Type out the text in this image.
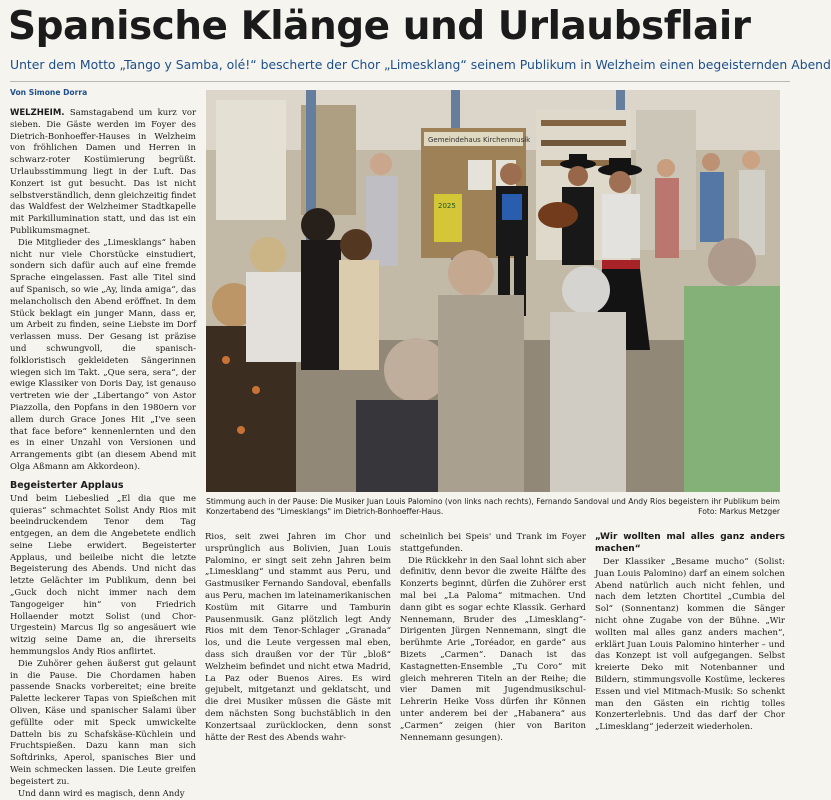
Spanische Klänge und Urlaubsflair
Unter dem Motto „Tango y Samba, olé!“ bescherte der Chor „Limesklang“ seinem Publikum in Welzheim einen begeisternden Abend
Von Simone Dorra

WELZHEIM. Samstagabend um kurz vor sieben. Die Gäste werden im Foyer des Dietrich-Bonhoeffer-Hauses in Welzheim von fröhlichen Damen und Herren in schwarz-roter Kostümierung begrüßt. Urlaubsstimmung liegt in der Luft. Das Konzert ist gut besucht. Das ist nicht selbstverständlich, denn gleichzeitig findet das Waldfest der Welzheimer Stadtkapelle mit Parkillumination statt, und das ist ein Publikumsmagnet.

Die Mitglieder des „Limesklangs“ haben nicht nur viele Chorstücke einstudiert, sondern sich dafür auch auf eine fremde Sprache eingelassen. Fast alle Titel sind auf Spanisch, so wie „Ay, linda amiga“, das melancholisch den Abend eröffnet. In dem Stück beklagt ein junger Mann, dass er, um Arbeit zu finden, seine Liebste im Dorf verlassen muss. Der Gesang ist präzise und schwungvoll, die spanisch-folkloristisch gekleideten Sängerinnen wiegen sich im Takt. „Que sera, sera“, der ewige Klassiker von Doris Day, ist genauso vertreten wie der „Libertango“ von Astor Piazzolla, den Popfans in den 1980ern vor allem durch Grace Jones Hit „I've seen that face before“ kennenlernten und den es in einer Unzahl von Versionen und Arrangements gibt (an diesem Abend mit Olga Aßmann am Akkordeon).

Begeisterter Applaus

Und beim Liebeslied „El dia que me quieras“ schmachtet Solist Andy Rios mit beeindruckendem Tenor dem Tag entgegen, an dem die Angebetete endlich seine Liebe erwidert. Begeisterter Applaus, und beileibe nicht die letzte Begeisterung des Abends. Und nicht das letzte Gelächter im Publikum, denn bei „Guck doch nicht immer nach dem Tangogeiger hin“ von Friedrich Hollaender motzt Solist (und Chor-Urgestein) Marcus Ilg so angesäuert wie witzig seine Dame an, die ihrerseits hemmungslos Andy Rios anflirtet.

Die Zuhörer gehen äußerst gut gelaunt in die Pause. Die Chordamen haben passende Snacks vorbereitet; eine breite Palette leckerer Tapas von Spießchen mit Oliven, Käse und spanischer Salami über gefüllte oder mit Speck umwickelte Datteln bis zu Schafskäse-Küchlein und Fruchtspießen. Dazu kann man sich Softdrinks, Aperol, spanisches Bier und Wein schmecken lassen. Die Leute greifen begeistert zu.

Und dann wird es magisch, denn Andy

Gemeindehaus Kirchenmusik
2025
Stimmung auch in der Pause: Die Musiker Juan Louis Palomino (von links nach rechts), Fernando Sandoval und Andy Rios begeistern ihr Publikum beim Konzertabend des "Limesklangs" im Dietrich-Bonhoeffer-Haus.	Foto: Markus Metzger

Rios, seit zwei Jahren im Chor und ursprünglich aus Bolivien, Juan Louis Palomino, er singt seit zehn Jahren beim „Limesklang“ und stammt aus Peru, und Gastmusiker Fernando Sandoval, ebenfalls aus Peru, machen im lateinamerikanischen Kostüm mit Gitarre und Tamburin Pausenmusik. Ganz plötzlich legt Andy Rios mit dem Tenor-Schlager „Granada“ los, und die Leute vergessen mal eben, dass sich draußen vor der Tür „bloß“ Welzheim befindet und nicht etwa Madrid, La Paz oder Buenos Aires. Es wird gejubelt, mitgetanzt und geklatscht, und die drei Musiker müssen die Gäste mit dem nächsten Song buchstäblich in den Konzertsaal zurücklocken, denn sonst hätte der Rest des Abends wahr-

scheinlich bei Speis' und Trank im Foyer stattgefunden.

Die Rückkehr in den Saal lohnt sich aber definitiv, denn bevor die zweite Hälfte des Konzerts beginnt, dürfen die Zuhörer erst mal bei „La Paloma“ mitmachen. Und dann gibt es sogar echte Klassik. Gerhard Nennemann, Bruder des „Limesklang“-Dirigenten Jürgen Nennemann, singt die berühmte Arie „Toréador, en garde“ aus Bizets „Carmen“. Danach ist das Kastagnetten-Ensemble „Tu Coro“ mit gleich mehreren Titeln an der Reihe; die vier Damen mit Jugendmusikschul-Lehrerin Heike Voss dürfen ihr Können unter anderem bei der „Habanera“ aus „Carmen“ zeigen (hier von Bariton Nennemann gesungen).

„Wir wollten mal alles ganz anders machen“

Der Klassiker „Besame mucho“ (Solist: Juan Louis Palomino) darf an einem solchen Abend natürlich auch nicht fehlen, und nach dem letzten Chortitel „Cumbia del Sol“ (Sonnentanz) kommen die Sänger nicht ohne Zugabe von der Bühne. „Wir wollten mal alles ganz anders machen“, erklärt Juan Louis Palomino hinterher – und das Konzept ist voll aufgegangen. Selbst kreierte Deko mit Notenbanner und Bildern, stimmungsvolle Kostüme, leckeres Essen und viel Mitmach-Musik: So schenkt man den Gästen ein richtig tolles Konzerterlebnis. Und das darf der Chor „Limesklang“ jederzeit wiederholen.
